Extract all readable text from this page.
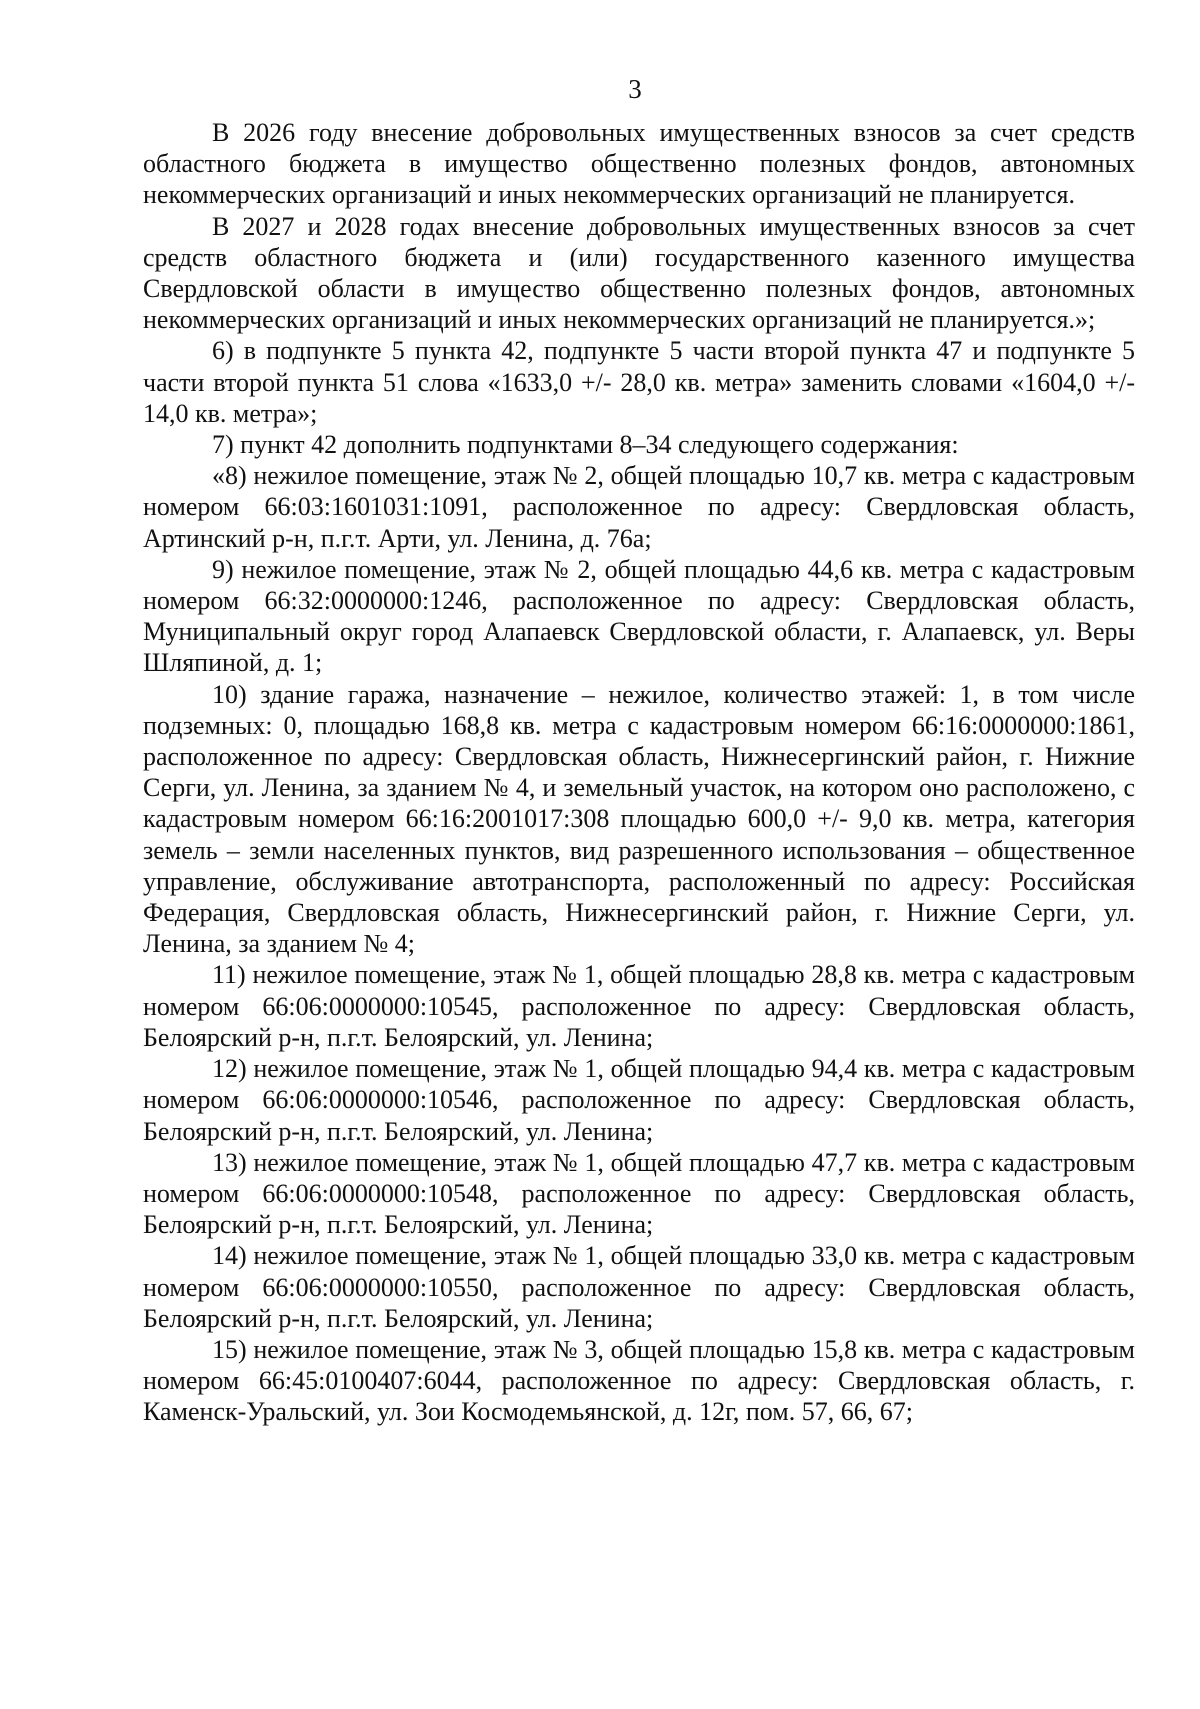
3

В 2026 году внесение добровольных имущественных взносов за счет средств областного бюджета в имущество общественно полезных фондов, автономных некоммерческих организаций и иных некоммерческих организаций не планируется.

В 2027 и 2028 годах внесение добровольных имущественных взносов за счет средств областного бюджета и (или) государственного казенного имущества Свердловской области в имущество общественно полезных фондов, автономных некоммерческих организаций и иных некоммерческих организаций не планируется.»;

6) в подпункте 5 пункта 42, подпункте 5 части второй пункта 47 и подпункте 5 части второй пункта 51 слова «1633,0 +/- 28,0 кв. метра» заменить словами «1604,0 +/- 14,0 кв. метра»;

7) пункт 42 дополнить подпунктами 8–34 следующего содержания:

«8) нежилое помещение, этаж № 2, общей площадью 10,7 кв. метра с кадастровым номером 66:03:1601031:1091, расположенное по адресу: Свердловская область, Артинский р-н, п.г.т. Арти, ул. Ленина, д. 76а;

9) нежилое помещение, этаж № 2, общей площадью 44,6 кв. метра с кадастровым номером 66:32:0000000:1246, расположенное по адресу: Свердловская область, Муниципальный округ город Алапаевск Свердловской области, г. Алапаевск, ул. Веры Шляпиной, д. 1;

10) здание гаража, назначение – нежилое, количество этажей: 1, в том числе подземных: 0, площадью 168,8 кв. метра с кадастровым номером 66:16:0000000:1861, расположенное по адресу: Свердловская область, Нижнесергинский район, г. Нижние Серги, ул. Ленина, за зданием № 4, и земельный участок, на котором оно расположено, с кадастровым номером 66:16:2001017:308 площадью 600,0 +/- 9,0 кв. метра, категория земель – земли населенных пунктов, вид разрешенного использования – общественное управление, обслуживание автотранспорта, расположенный по адресу: Российская Федерация, Свердловская область, Нижнесергинский район, г. Нижние Серги, ул. Ленина, за зданием № 4;

11) нежилое помещение, этаж № 1, общей площадью 28,8 кв. метра с кадастровым номером 66:06:0000000:10545, расположенное по адресу: Свердловская область, Белоярский р-н, п.г.т. Белоярский, ул. Ленина;

12) нежилое помещение, этаж № 1, общей площадью 94,4 кв. метра с кадастровым номером 66:06:0000000:10546, расположенное по адресу: Свердловская область, Белоярский р-н, п.г.т. Белоярский, ул. Ленина;

13) нежилое помещение, этаж № 1, общей площадью 47,7 кв. метра с кадастровым номером 66:06:0000000:10548, расположенное по адресу: Свердловская область, Белоярский р-н, п.г.т. Белоярский, ул. Ленина;

14) нежилое помещение, этаж № 1, общей площадью 33,0 кв. метра с кадастровым номером 66:06:0000000:10550, расположенное по адресу: Свердловская область, Белоярский р-н, п.г.т. Белоярский, ул. Ленина;

15) нежилое помещение, этаж № 3, общей площадью 15,8 кв. метра с кадастровым номером 66:45:0100407:6044, расположенное по адресу: Свердловская область, г. Каменск-Уральский, ул. Зои Космодемьянской, д. 12г, пом. 57, 66, 67;
